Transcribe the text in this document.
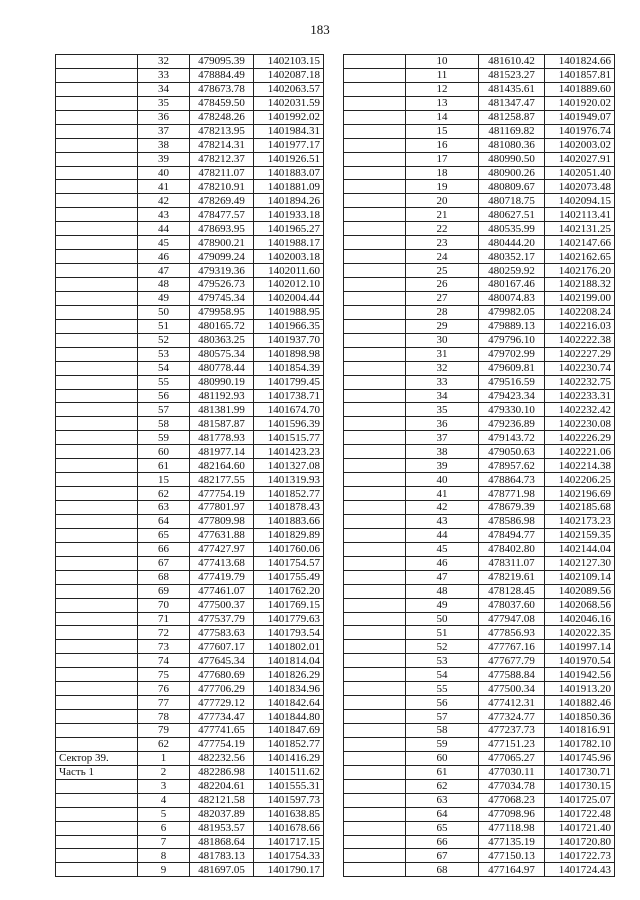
183
	32	479095.39	1402103.15
	33	478884.49	1402087.18
	34	478673.78	1402063.57
	35	478459.50	1402031.59
	36	478248.26	1401992.02
	37	478213.95	1401984.31
	38	478214.31	1401977.17
	39	478212.37	1401926.51
	40	478211.07	1401883.07
	41	478210.91	1401881.09
	42	478269.49	1401894.26
	43	478477.57	1401933.18
	44	478693.95	1401965.27
	45	478900.21	1401988.17
	46	479099.24	1402003.18
	47	479319.36	1402011.60
	48	479526.73	1402012.10
	49	479745.34	1402004.44
	50	479958.95	1401988.95
	51	480165.72	1401966.35
	52	480363.25	1401937.70
	53	480575.34	1401898.98
	54	480778.44	1401854.39
	55	480990.19	1401799.45
	56	481192.93	1401738.71
	57	481381.99	1401674.70
	58	481587.87	1401596.39
	59	481778.93	1401515.77
	60	481977.14	1401423.23
	61	482164.60	1401327.08
	15	482177.55	1401319.93
	62	477754.19	1401852.77
	63	477801.97	1401878.43
	64	477809.98	1401883.66
	65	477631.88	1401829.89
	66	477427.97	1401760.06
	67	477413.68	1401754.57
	68	477419.79	1401755.49
	69	477461.07	1401762.20
	70	477500.37	1401769.15
	71	477537.79	1401779.63
	72	477583.63	1401793.54
	73	477607.17	1401802.01
	74	477645.34	1401814.04
	75	477680.69	1401826.29
	76	477706.29	1401834.96
	77	477729.12	1401842.64
	78	477734.47	1401844.80
	79	477741.65	1401847.69
	62	477754.19	1401852.77
Сектор 39.	1	482232.56	1401416.29
Часть 1	2	482286.98	1401511.62
	3	482204.61	1401555.31
	4	482121.58	1401597.73
	5	482037.89	1401638.85
	6	481953.57	1401678.66
	7	481868.64	1401717.15
	8	481783.13	1401754.33
	9	481697.05	1401790.17
	10	481610.42	1401824.66
	11	481523.27	1401857.81
	12	481435.61	1401889.60
	13	481347.47	1401920.02
	14	481258.87	1401949.07
	15	481169.82	1401976.74
	16	481080.36	1402003.02
	17	480990.50	1402027.91
	18	480900.26	1402051.40
	19	480809.67	1402073.48
	20	480718.75	1402094.15
	21	480627.51	1402113.41
	22	480535.99	1402131.25
	23	480444.20	1402147.66
	24	480352.17	1402162.65
	25	480259.92	1402176.20
	26	480167.46	1402188.32
	27	480074.83	1402199.00
	28	479982.05	1402208.24
	29	479889.13	1402216.03
	30	479796.10	1402222.38
	31	479702.99	1402227.29
	32	479609.81	1402230.74
	33	479516.59	1402232.75
	34	479423.34	1402233.31
	35	479330.10	1402232.42
	36	479236.89	1402230.08
	37	479143.72	1402226.29
	38	479050.63	1402221.06
	39	478957.62	1402214.38
	40	478864.73	1402206.25
	41	478771.98	1402196.69
	42	478679.39	1402185.68
	43	478586.98	1402173.23
	44	478494.77	1402159.35
	45	478402.80	1402144.04
	46	478311.07	1402127.30
	47	478219.61	1402109.14
	48	478128.45	1402089.56
	49	478037.60	1402068.56
	50	477947.08	1402046.16
	51	477856.93	1402022.35
	52	477767.16	1401997.14
	53	477677.79	1401970.54
	54	477588.84	1401942.56
	55	477500.34	1401913.20
	56	477412.31	1401882.46
	57	477324.77	1401850.36
	58	477237.73	1401816.91
	59	477151.23	1401782.10
	60	477065.27	1401745.96
	61	477030.11	1401730.71
	62	477034.78	1401730.15
	63	477068.23	1401725.07
	64	477098.96	1401722.48
	65	477118.98	1401721.40
	66	477135.19	1401720.80
	67	477150.13	1401722.73
	68	477164.97	1401724.43
